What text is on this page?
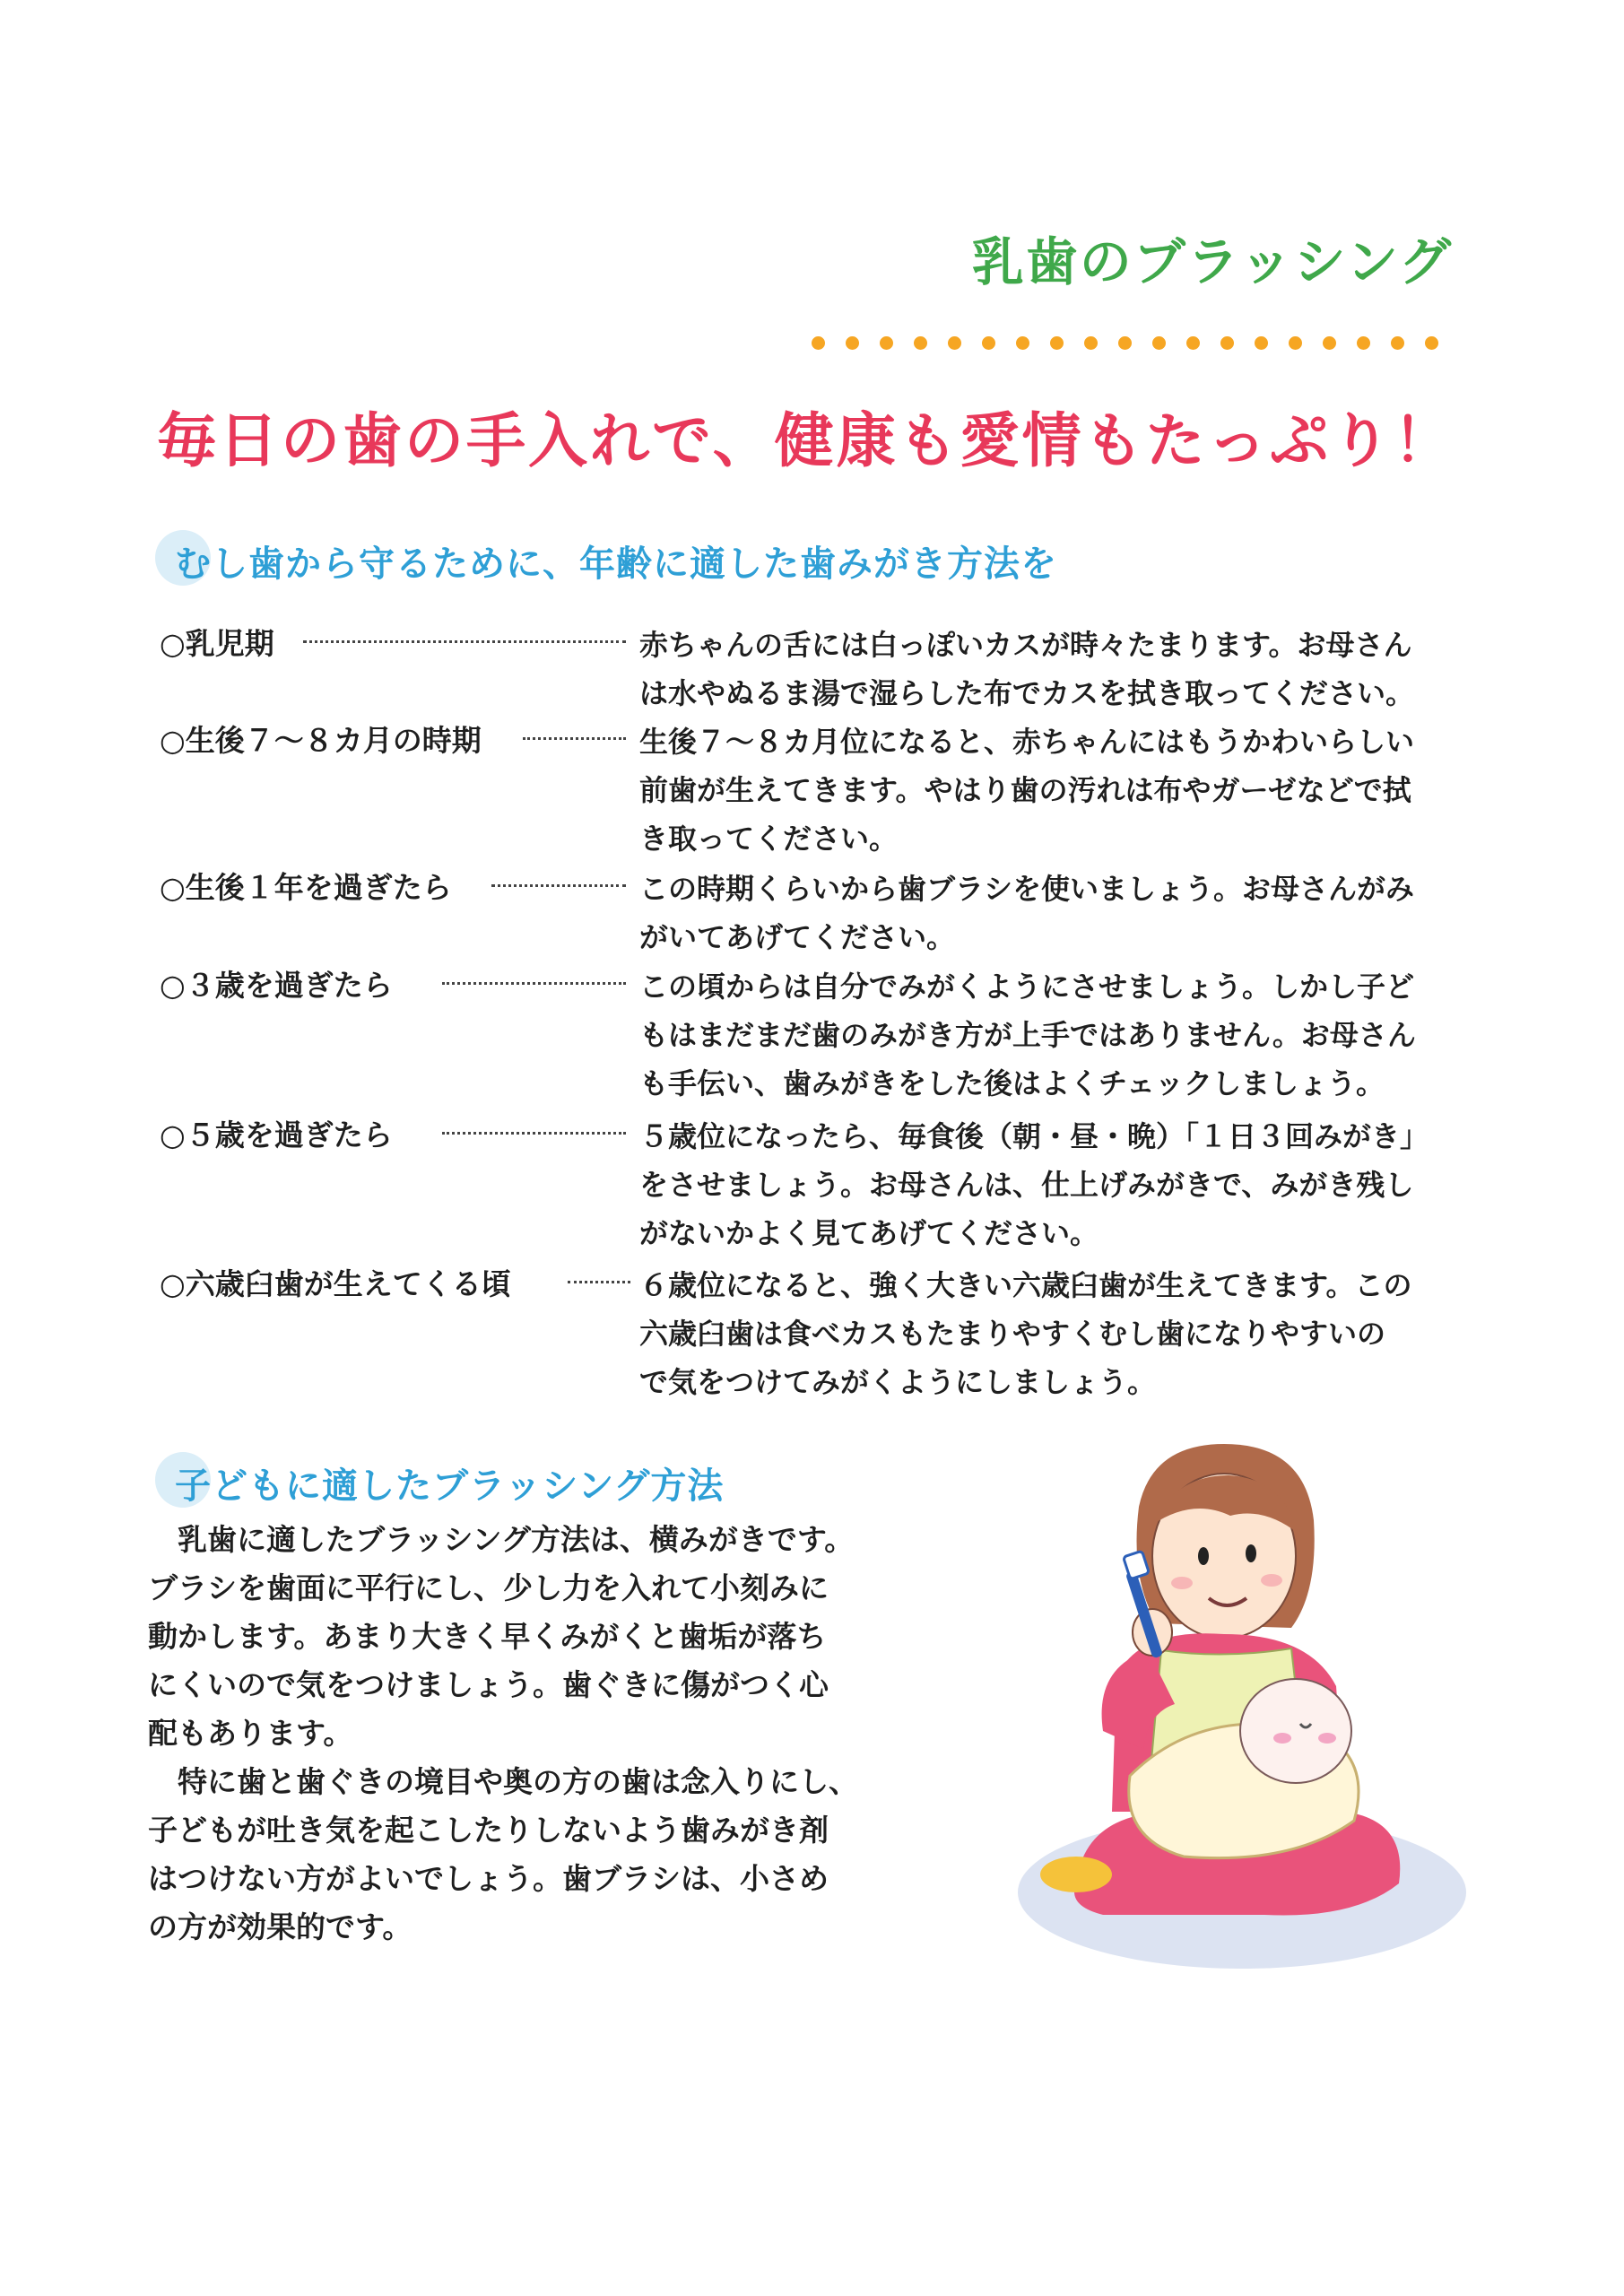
乳歯のブラッシング
毎日の歯の手入れで、健康も愛情もたっぷり！
むし歯から守るために、年齢に適した歯みがき方法を
○乳児期	赤ちゃんの舌には白っぽいカスが時々たまります。お母さん
は水やぬるま湯で湿らした布でカスを拭き取ってください。
○生後７～８カ月の時期	生後７～８カ月位になると、赤ちゃんにはもうかわいらしい
前歯が生えてきます。やはり歯の汚れは布やガーゼなどで拭
き取ってください。
○生後１年を過ぎたら	この時期くらいから歯ブラシを使いましょう。お母さんがみ
がいてあげてください。
○３歳を過ぎたら	この頃からは自分でみがくようにさせましょう。しかし子ど
もはまだまだ歯のみがき方が上手ではありません。お母さん
も手伝い、歯みがきをした後はよくチェックしましょう。
○５歳を過ぎたら	５歳位になったら、毎食後（朝・昼・晩）「１日３回みがき」
をさせましょう。お母さんは、仕上げみがきで、みがき残し
がないかよく見てあげてください。
○六歳臼歯が生えてくる頃	６歳位になると、強く大きい六歳臼歯が生えてきます。この
六歳臼歯は食べカスもたまりやすくむし歯になりやすいの
で気をつけてみがくようにしましょう。
子どもに適したブラッシング方法
　乳歯に適したブラッシング方法は、横みがきです。
ブラシを歯面に平行にし、少し力を入れて小刻みに
動かします。あまり大きく早くみがくと歯垢が落ち
にくいので気をつけましょう。歯ぐきに傷がつく心
配もあります。
　特に歯と歯ぐきの境目や奥の方の歯は念入りにし、
子どもが吐き気を起こしたりしないよう歯みがき剤
はつけない方がよいでしょう。歯ブラシは、小さめ
の方が効果的です。
